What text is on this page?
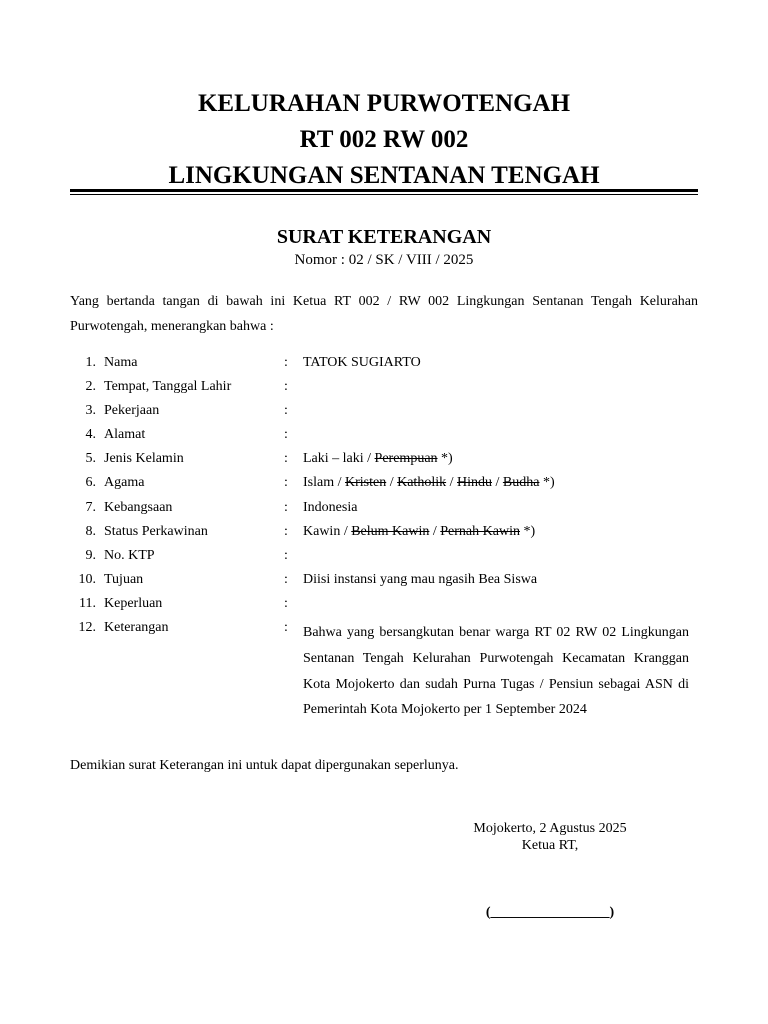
KELURAHAN PURWOTENGAH
RT 002 RW 002
LINGKUNGAN SENTANAN TENGAH
SURAT KETERANGAN
Nomor : 02 / SK / VIII / 2025
Yang bertanda tangan di bawah ini Ketua RT 002 / RW 002 Lingkungan Sentanan Tengah Kelurahan Purwotengah, menerangkan bahwa :
1. Nama	: TATOK SUGIARTO
2. Tempat, Tanggal Lahir	:
3. Pekerjaan	:
4. Alamat	:
5. Jenis Kelamin	: Laki – laki / Perempuan *)
6. Agama	: Islam / Kristen / Katholik / Hindu / Budha *)
7. Kebangsaan	: Indonesia
8. Status Perkawinan	: Kawin / Belum Kawin / Pernah Kawin *)
9. No. KTP	:
10. Tujuan	: Diisi instansi yang mau ngasih Bea Siswa
11. Keperluan	:
12. Keterangan	: Bahwa yang bersangkutan benar warga RT 02 RW 02 Lingkungan Sentanan Tengah Kelurahan Purwotengah Kecamatan Kranggan Kota Mojokerto dan sudah Purna Tugas / Pensiun sebagai ASN di Pemerintah Kota Mojokerto per 1 September 2024
Demikian surat Keterangan ini untuk dapat dipergunakan seperlunya.
Mojokerto, 2 Agustus 2025
Ketua RT,
(_________________)
